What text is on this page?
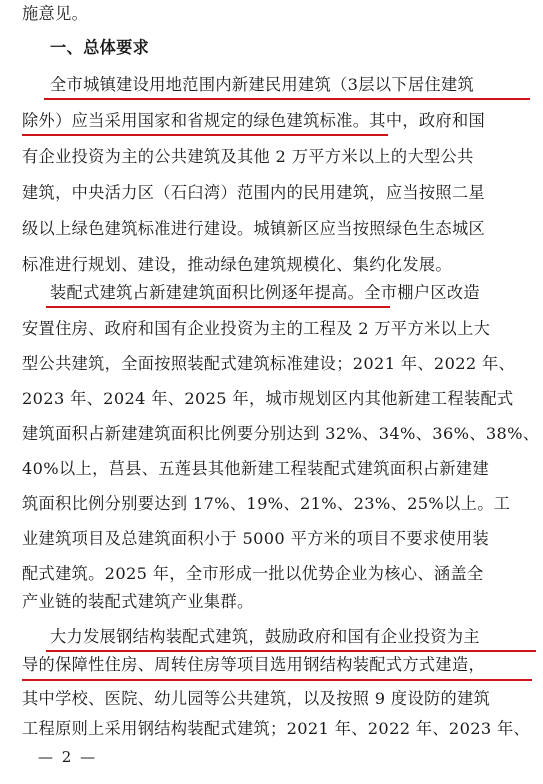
施意见。
一、总体要求
全市城镇建设用地范围内新建民用建筑（3层以下居住建筑
除外）应当采用国家和省规定的绿色建筑标准。其中，政府和国
有企业投资为主的公共建筑及其他 2 万平方米以上的大型公共
建筑，中央活力区（石臼湾）范围内的民用建筑，应当按照二星
级以上绿色建筑标准进行建设。城镇新区应当按照绿色生态城区
标准进行规划、建设，推动绿色建筑规模化、集约化发展。
装配式建筑占新建建筑面积比例逐年提高。全市棚户区改造
安置住房、政府和国有企业投资为主的工程及 2 万平方米以上大
型公共建筑，全面按照装配式建筑标准建设；2021 年、2022 年、
2023 年、2024 年、2025 年，城市规划区内其他新建工程装配式
建筑面积占新建建筑面积比例要分别达到 32%、34%、36%、38%、
40%以上，莒县、五莲县其他新建工程装配式建筑面积占新建建
筑面积比例分别要达到 17%、19%、21%、23%、25%以上。工
业建筑项目及总建筑面积小于 5000 平方米的项目不要求使用装
配式建筑。2025 年，全市形成一批以优势企业为核心、涵盖全
产业链的装配式建筑产业集群。
大力发展钢结构装配式建筑，鼓励政府和国有企业投资为主
导的保障性住房、周转住房等项目选用钢结构装配式方式建造，
其中学校、医院、幼儿园等公共建筑，以及按照 9 度设防的建筑
工程原则上采用钢结构装配式建筑；2021 年、2022 年、2023 年、
— 2 —
